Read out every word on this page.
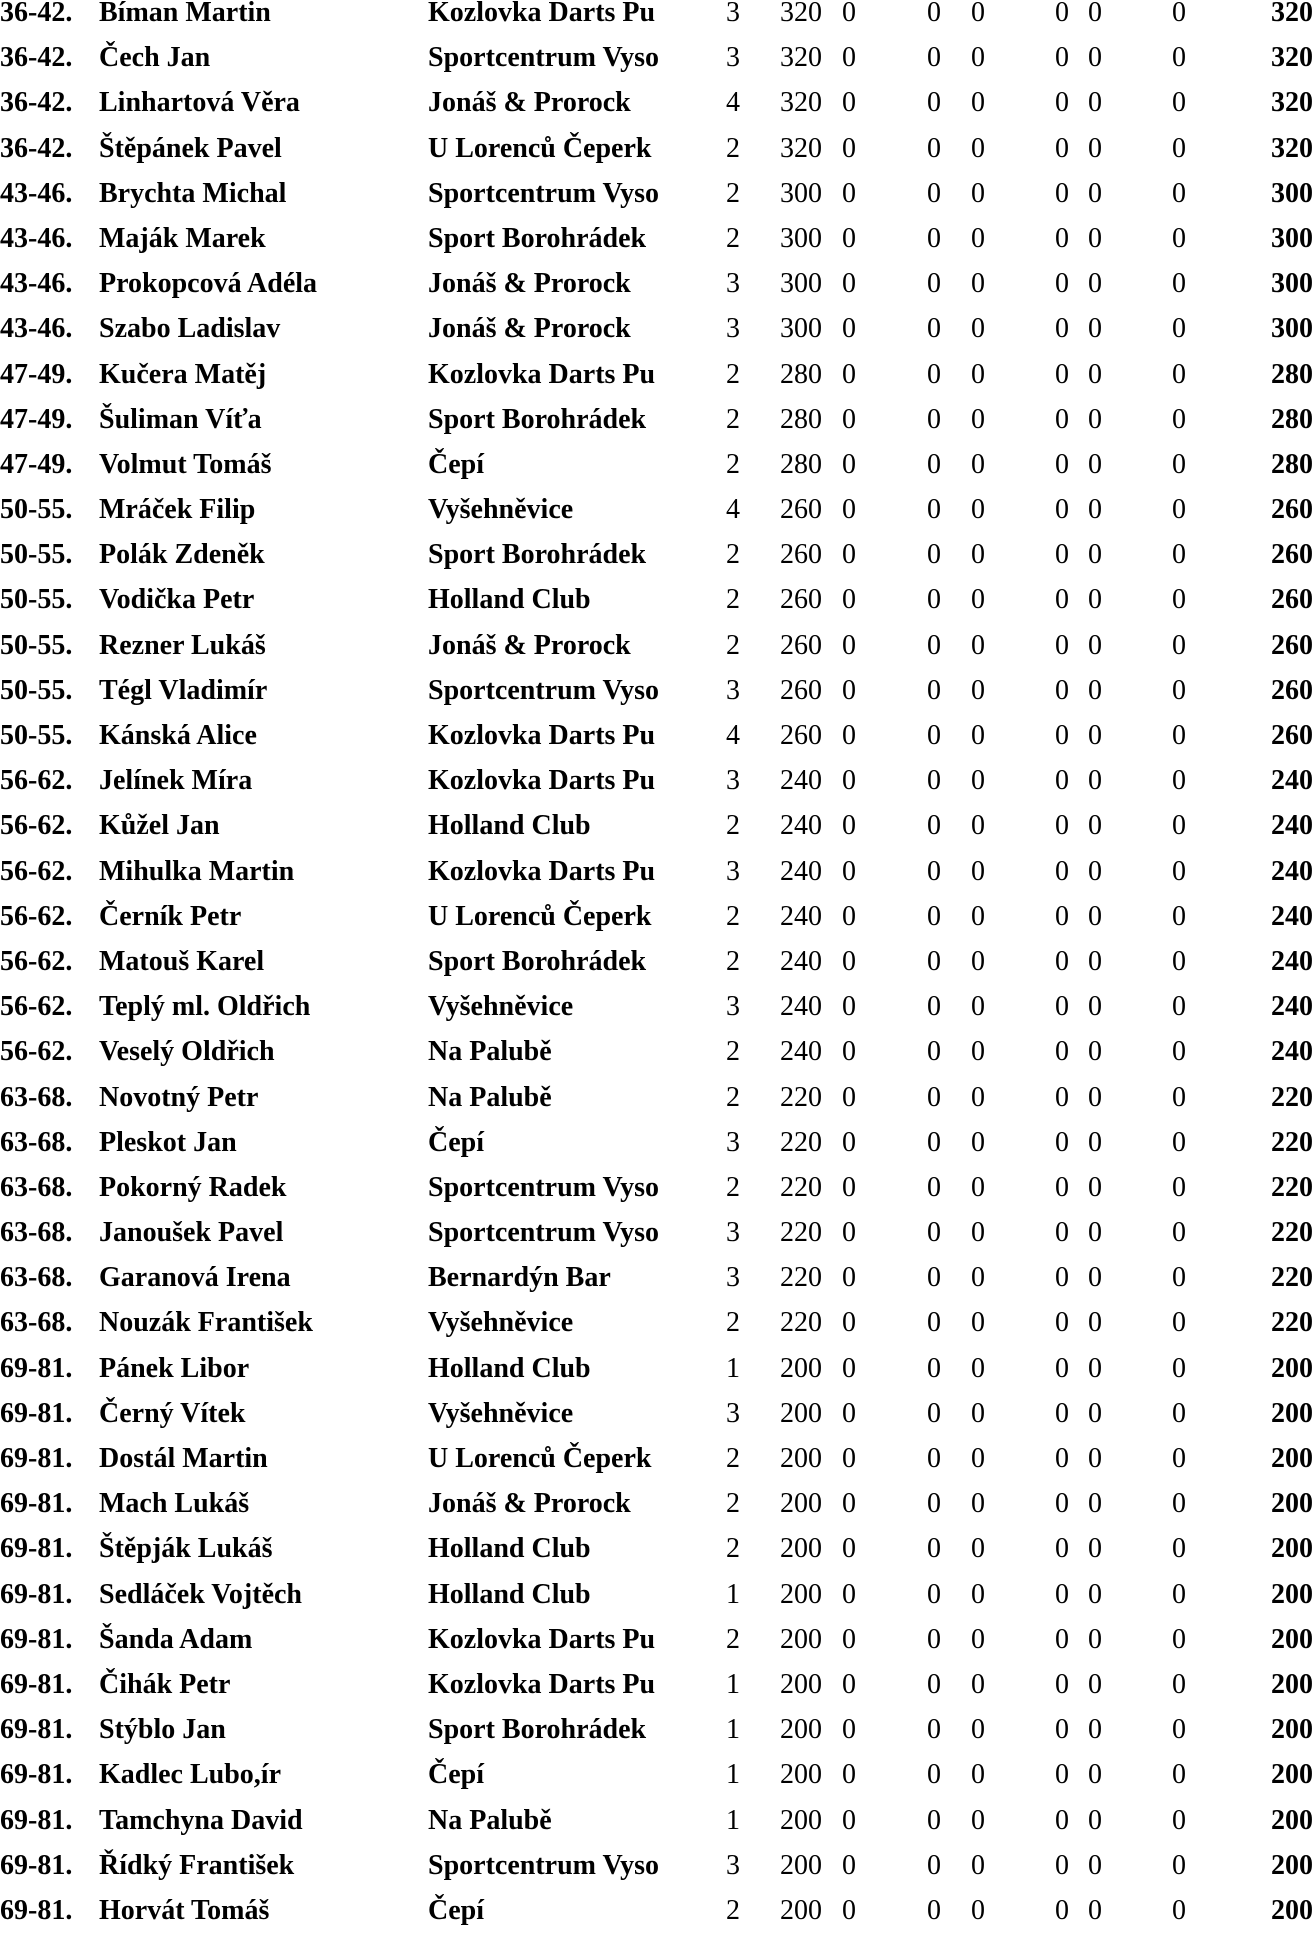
36-42. Bíman Martin	Kozlovka Darts Pu	3 320 0	0 0	0 0	0	320
36-42. Čech Jan	Sportcentrum Vyso	3 320 0	0 0	0 0	0	320
36-42. Linhartová Věra	Jonáš & Prorock	4 320 0	0 0	0 0	0	320
36-42. Štěpánek Pavel	U Lorenců Čeperk	2 320 0	0 0	0 0	0	320
43-46. Brychta Michal	Sportcentrum Vyso	2 300 0	0 0	0 0	0	300
43-46. Maják Marek	Sport Borohrádek	2 300 0	0 0	0 0	0	300
43-46. Prokopcová Adéla	Jonáš & Prorock	3 300 0	0 0	0 0	0	300
43-46. Szabo Ladislav	Jonáš & Prorock	3 300 0	0 0	0 0	0	300
47-49. Kučera Matěj	Kozlovka Darts Pu	2 280 0	0 0	0 0	0	280
47-49. Šuliman Víťa	Sport Borohrádek	2 280 0	0 0	0 0	0	280
47-49. Volmut Tomáš	Čepí	2 280 0	0 0	0 0	0	280
50-55. Mráček Filip	Vyšehněvice	4 260 0	0 0	0 0	0	260
50-55. Polák Zdeněk	Sport Borohrádek	2 260 0	0 0	0 0	0	260
50-55. Vodička Petr	Holland Club	2 260 0	0 0	0 0	0	260
50-55. Rezner Lukáš	Jonáš & Prorock	2 260 0	0 0	0 0	0	260
50-55. Tégl Vladimír	Sportcentrum Vyso	3 260 0	0 0	0 0	0	260
50-55. Kánská Alice	Kozlovka Darts Pu	4 260 0	0 0	0 0	0	260
56-62. Jelínek Míra	Kozlovka Darts Pu	3 240 0	0 0	0 0	0	240
56-62. Kůžel Jan	Holland Club	2 240 0	0 0	0 0	0	240
56-62. Mihulka Martin	Kozlovka Darts Pu	3 240 0	0 0	0 0	0	240
56-62. Černík Petr	U Lorenců Čeperk	2 240 0	0 0	0 0	0	240
56-62. Matouš Karel	Sport Borohrádek	2 240 0	0 0	0 0	0	240
56-62. Teplý ml. Oldřich	Vyšehněvice	3 240 0	0 0	0 0	0	240
56-62. Veselý Oldřich	Na Palubě	2 240 0	0 0	0 0	0	240
63-68. Novotný Petr	Na Palubě	2 220 0	0 0	0 0	0	220
63-68. Pleskot Jan	Čepí	3 220 0	0 0	0 0	0	220
63-68. Pokorný Radek	Sportcentrum Vyso	2 220 0	0 0	0 0	0	220
63-68. Janoušek Pavel	Sportcentrum Vyso	3 220 0	0 0	0 0	0	220
63-68. Garanová Irena	Bernardýn Bar	3 220 0	0 0	0 0	0	220
63-68. Nouzák František	Vyšehněvice	2 220 0	0 0	0 0	0	220
69-81. Pánek Libor	Holland Club	1 200 0	0 0	0 0	0	200
69-81. Černý Vítek	Vyšehněvice	3 200 0	0 0	0 0	0	200
69-81. Dostál Martin	U Lorenců Čeperk	2 200 0	0 0	0 0	0	200
69-81. Mach Lukáš	Jonáš & Prorock	2 200 0	0 0	0 0	0	200
69-81. Štěpják Lukáš	Holland Club	2 200 0	0 0	0 0	0	200
69-81. Sedláček Vojtěch	Holland Club	1 200 0	0 0	0 0	0	200
69-81. Šanda Adam	Kozlovka Darts Pu	2 200 0	0 0	0 0	0	200
69-81. Čihák Petr	Kozlovka Darts Pu	1 200 0	0 0	0 0	0	200
69-81. Stýblo Jan	Sport Borohrádek	1 200 0	0 0	0 0	0	200
69-81. Kadlec Lubo,ír	Čepí	1 200 0	0 0	0 0	0	200
69-81. Tamchyna David	Na Palubě	1 200 0	0 0	0 0	0	200
69-81. Řídký František	Sportcentrum Vyso	3 200 0	0 0	0 0	0	200
69-81. Horvát Tomáš	Čepí	2 200 0	0 0	0 0	0	200
